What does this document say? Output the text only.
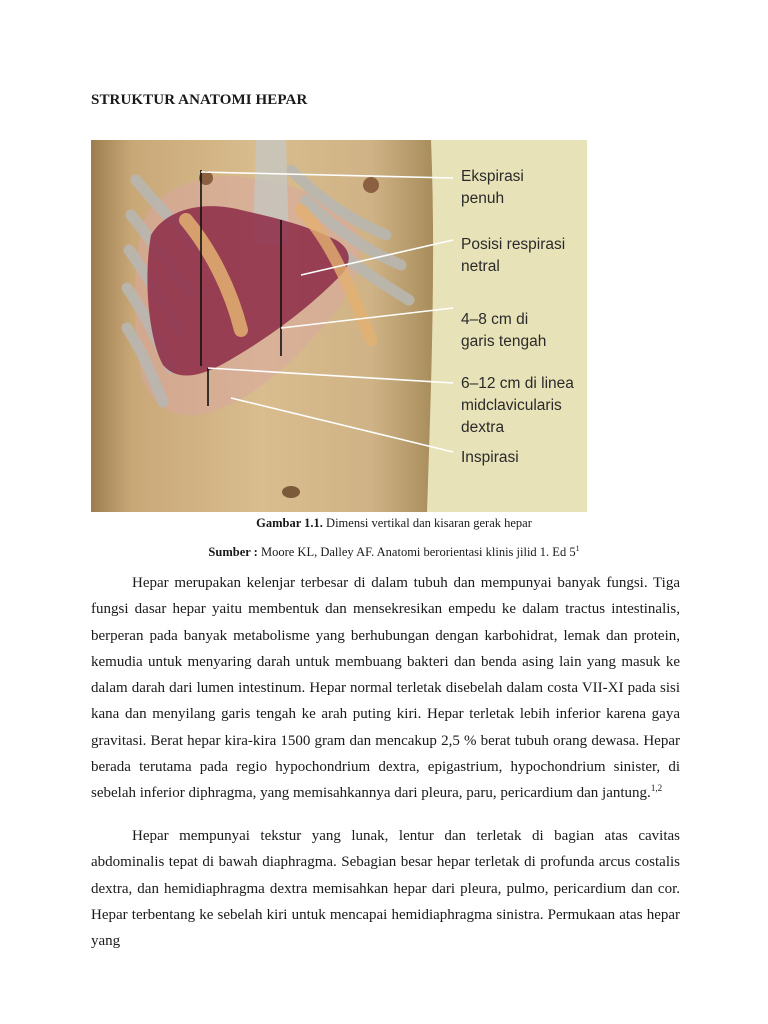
STRUKTUR ANATOMI HEPAR
Ekspirasi
penuh
Posisi respirasi
netral
4–8 cm di
garis tengah
6–12 cm di linea
midclavicularis
dextra
Inspirasi
Gambar 1.1. Dimensi vertikal dan kisaran gerak hepar
Sumber : Moore KL, Dalley AF. Anatomi berorientasi klinis jilid 1. Ed $5^1$

Hepar merupakan kelenjar terbesar di dalam tubuh dan mempunyai banyak fungsi. Tiga fungsi dasar hepar yaitu membentuk dan mensekresikan empedu ke dalam tractus intestinalis, berperan pada banyak metabolisme yang berhubungan dengan karbohidrat, lemak dan protein, kemudia untuk menyaring darah untuk membuang bakteri dan benda asing lain yang masuk ke dalam darah dari lumen intestinum. Hepar normal terletak disebelah dalam costa VII-XI pada sisi kana dan menyilang garis tengah ke arah puting kiri. Hepar terletak lebih inferior karena gaya gravitasi. Berat hepar kira-kira 1500 gram dan mencakup 2,5 % berat tubuh orang dewasa. Hepar berada terutama pada regio hypochondrium dextra, epigastrium, hypochondrium sinister, di sebelah inferior diphragma, yang memisahkannya dari pleura, paru, pericardium dan jantung.$^{1,2}$

Hepar mempunyai tekstur yang lunak, lentur dan terletak di bagian atas cavitas abdominalis tepat di bawah diaphragma. Sebagian besar hepar terletak di profunda arcus costalis dextra, dan hemidiaphragma dextra memisahkan hepar dari pleura, pulmo, pericardium dan cor. Hepar terbentang ke sebelah kiri untuk mencapai hemidiaphragma sinistra. Permukaan atas hepar yang
